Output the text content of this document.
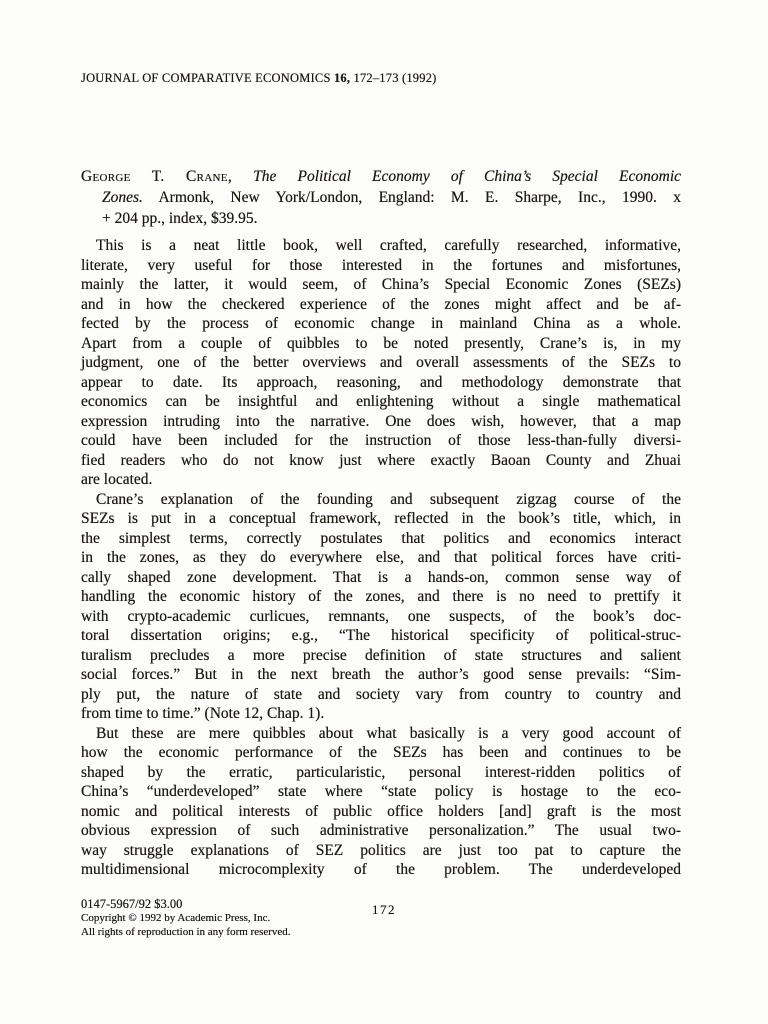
JOURNAL OF COMPARATIVE ECONOMICS 16, 172–173 (1992)
George T. Crane, The Political Economy of China’s Special Economic
Zones. Armonk, New York/London, England: M. E. Sharpe, Inc., 1990. x
+ 204 pp., index, $39.95.
This is a neat little book, well crafted, carefully researched, informative,
literate, very useful for those interested in the fortunes and misfortunes,
mainly the latter, it would seem, of China’s Special Economic Zones (SEZs)
and in how the checkered experience of the zones might affect and be af-
fected by the process of economic change in mainland China as a whole.
Apart from a couple of quibbles to be noted presently, Crane’s is, in my
judgment, one of the better overviews and overall assessments of the SEZs to
appear to date. Its approach, reasoning, and methodology demonstrate that
economics can be insightful and enlightening without a single mathematical
expression intruding into the narrative. One does wish, however, that a map
could have been included for the instruction of those less-than-fully diversi-
fied readers who do not know just where exactly Baoan County and Zhuai
are located.
Crane’s explanation of the founding and subsequent zigzag course of the
SEZs is put in a conceptual framework, reflected in the book’s title, which, in
the simplest terms, correctly postulates that politics and economics interact
in the zones, as they do everywhere else, and that political forces have criti-
cally shaped zone development. That is a hands-on, common sense way of
handling the economic history of the zones, and there is no need to prettify it
with crypto-academic curlicues, remnants, one suspects, of the book’s doc-
toral dissertation origins; e.g., “The historical specificity of political-struc-
turalism precludes a more precise definition of state structures and salient
social forces.” But in the next breath the author’s good sense prevails: “Sim-
ply put, the nature of state and society vary from country to country and
from time to time.” (Note 12, Chap. 1).
But these are mere quibbles about what basically is a very good account of
how the economic performance of the SEZs has been and continues to be
shaped by the erratic, particularistic, personal interest-ridden politics of
China’s “underdeveloped” state where “state policy is hostage to the eco-
nomic and political interests of public office holders [and] graft is the most
obvious expression of such administrative personalization.” The usual two-
way struggle explanations of SEZ politics are just too pat to capture the
multidimensional microcomplexity of the problem. The underdeveloped
0147-5967/92 $3.00
Copyright © 1992 by Academic Press, Inc.
All rights of reproduction in any form reserved.
172
